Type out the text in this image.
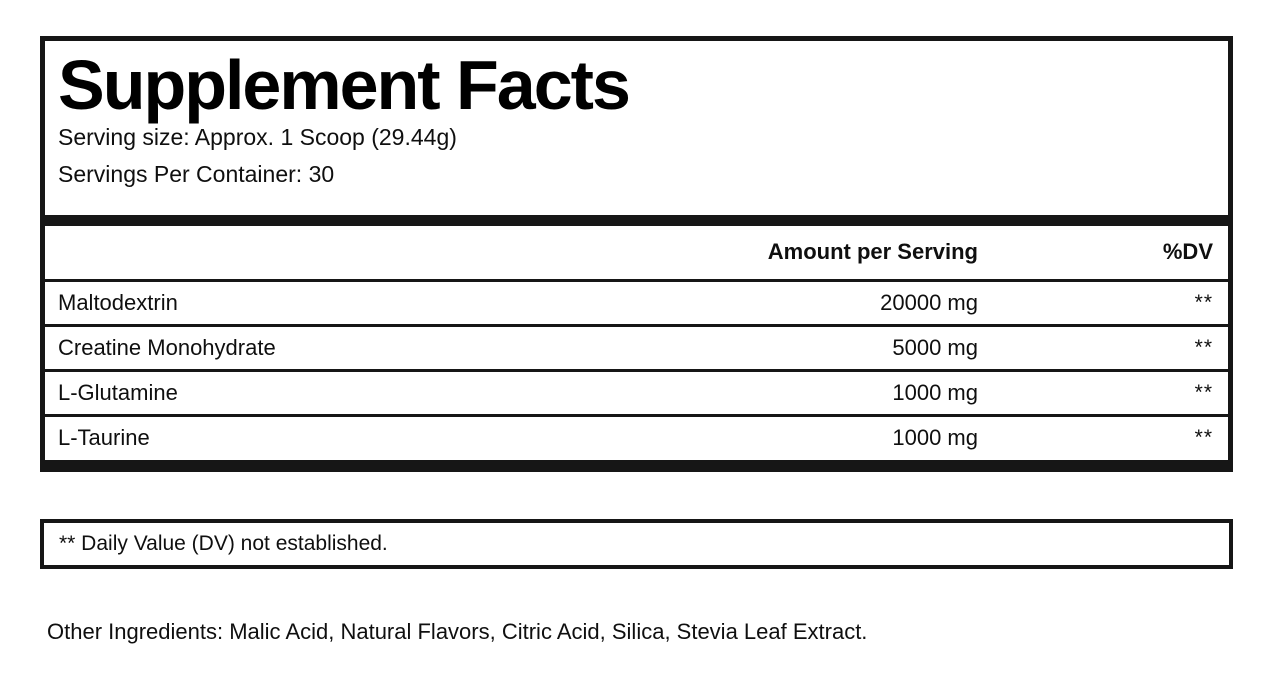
Supplement Facts
Serving size: Approx. 1 Scoop (29.44g)
Servings Per Container: 30
	Amount per Serving	%DV
Maltodextrin	20000 mg	**
Creatine Monohydrate	5000 mg	**
L-Glutamine	1000 mg	**
L-Taurine	1000 mg	**
** Daily Value (DV) not established.
Other Ingredients: Malic Acid, Natural Flavors, Citric Acid, Silica, Stevia Leaf Extract.
